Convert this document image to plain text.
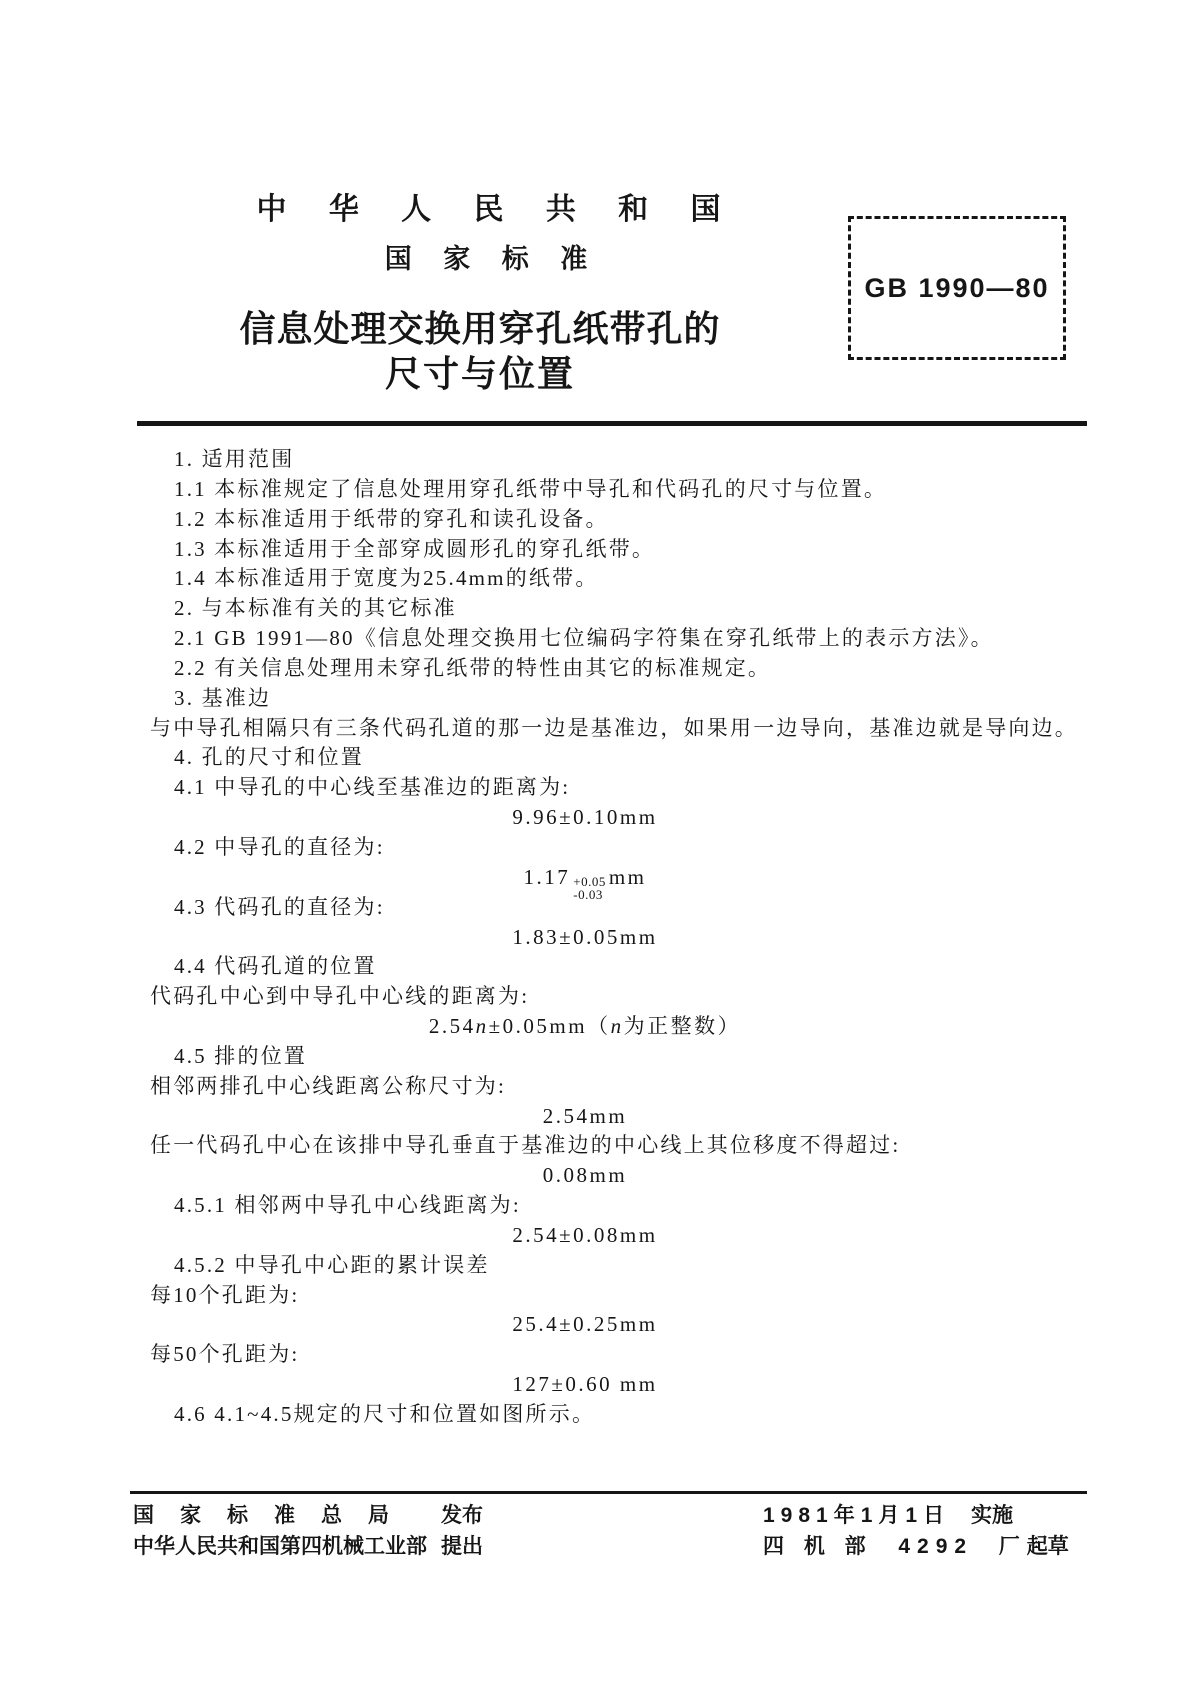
中 华 人 民 共 和 国
国 家 标 准
信息处理交换用穿孔纸带孔的
尺寸与位置
GB 1990—80
1. 适用范围
1.1 本标准规定了信息处理用穿孔纸带中导孔和代码孔的尺寸与位置。
1.2 本标准适用于纸带的穿孔和读孔设备。
1.3 本标准适用于全部穿成圆形孔的穿孔纸带。
1.4 本标准适用于宽度为25.4mm的纸带。
2. 与本标准有关的其它标准
2.1 GB 1991—80《信息处理交换用七位编码字符集在穿孔纸带上的表示方法》。
2.2 有关信息处理用未穿孔纸带的特性由其它的标准规定。
3. 基准边
与中导孔相隔只有三条代码孔道的那一边是基准边，如果用一边导向，基准边就是导向边。
4. 孔的尺寸和位置
4.1 中导孔的中心线至基准边的距离为:
9.96±0.10mm
4.2 中导孔的直径为:
1.17 +0.05
-0.03
mm
4.3 代码孔的直径为:
1.83±0.05mm
4.4 代码孔道的位置
代码孔中心到中导孔中心线的距离为:
2.54n±0.05mm（n为正整数）
4.5 排的位置
相邻两排孔中心线距离公称尺寸为:
2.54mm
任一代码孔中心在该排中导孔垂直于基准边的中心线上其位移度不得超过:
0.08mm
4.5.1 相邻两中导孔中心线距离为:
2.54±0.08mm
4.5.2 中导孔中心距的累计误差
每10个孔距为:
25.4±0.25mm
每50个孔距为:
127±0.60 mm
4.6 4.1~4.5规定的尺寸和位置如图所示。
国家标准总局 发布
中华人民共和国第四机械工业部 提出
1981年1月1日 实施
四 机 部  4292  厂 起草
